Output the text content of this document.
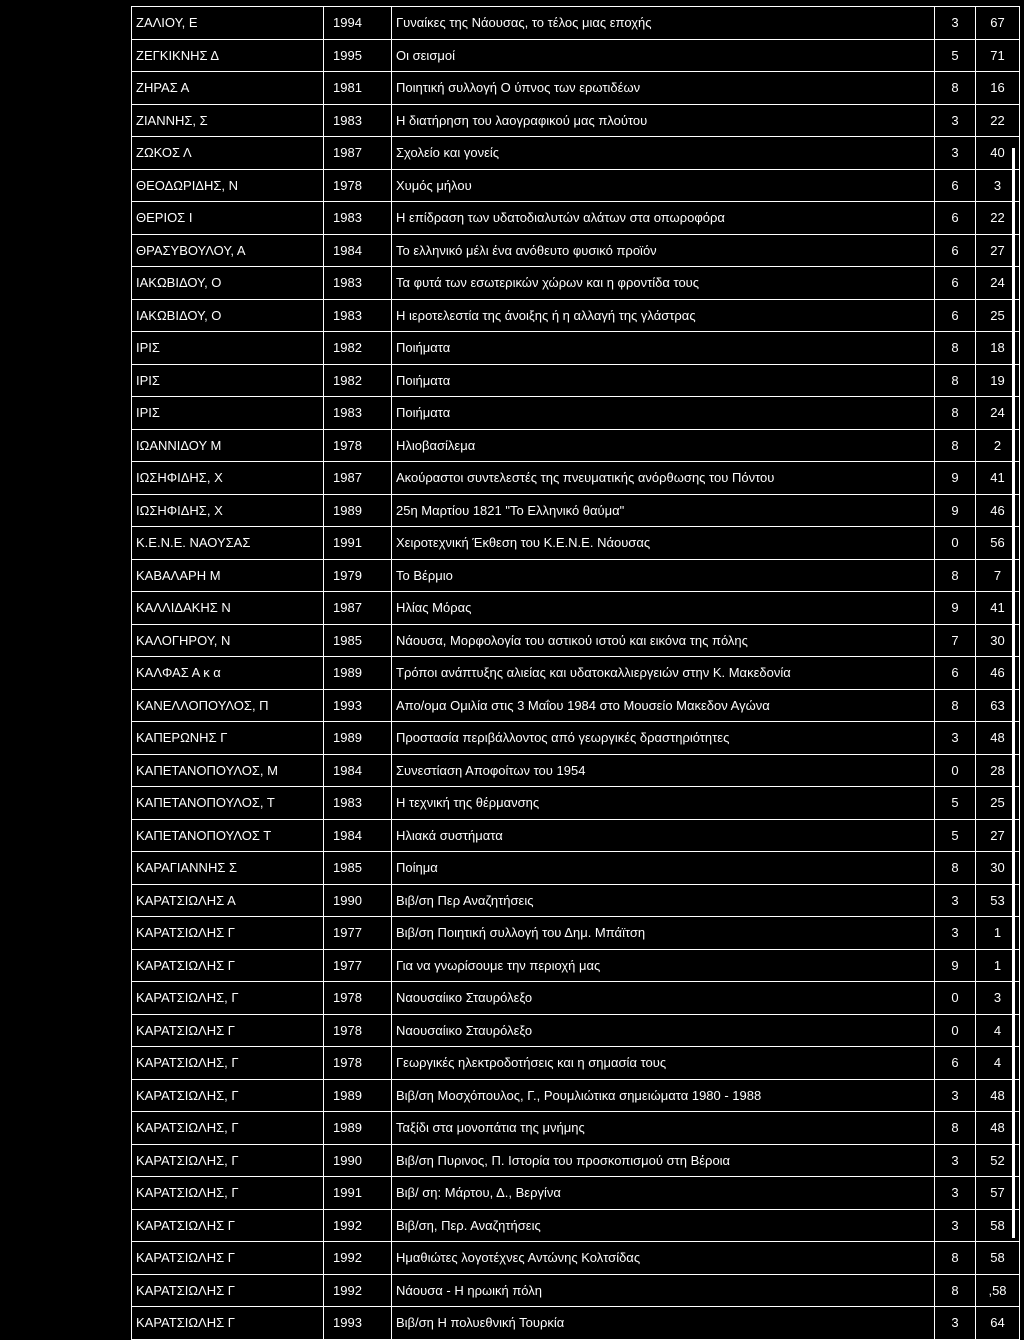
ΖΑΛΙΟΥ, Ε	1994	Γυναίκες της Νάουσας, το τέλος μιας εποχής	3	67
ΖΕΓΚΙΚΝΗΣ Δ	1995	Οι σεισμοί	5	71
ΖΗΡΑΣ Α	1981	Ποιητική συλλογή Ο ύπνος των ερωτιδέων	8	16
ΖΙΑΝΝΗΣ, Σ	1983	Η διατήρηση του λαογραφικού μας πλούτου	3	22
ΖΩΚΟΣ Λ	1987	Σχολείο και γονείς	3	40
ΘΕΟΔΩΡΙΔΗΣ, Ν	1978	Χυμός μήλου	6	3
ΘΕΡΙΟΣ Ι	1983	Η επίδραση των υδατοδιαλυτών αλάτων στα οπωροφόρα	6	22
ΘΡΑΣΥΒΟΥΛΟΥ, Α	1984	Το ελληνικό μέλι ένα ανόθευτο φυσικό προϊόν	6	27
ΙΑΚΩΒΙΔΟΥ, Ο	1983	Τα φυτά των εσωτερικών χώρων και η φροντίδα τους	6	24
ΙΑΚΩΒΙΔΟΥ, Ο	1983	Η ιεροτελεστία της άνοιξης ή η αλλαγή της γλάστρας	6	25
ΙΡΙΣ	1982	Ποιήματα	8	18
ΙΡΙΣ	1982	Ποιήματα	8	19
ΙΡΙΣ	1983	Ποιήματα	8	24
ΙΩΑΝΝΙΔΟΥ Μ	1978	Ηλιοβασίλεμα	8	2
ΙΩΣΗΦΙΔΗΣ, Χ	1987	Ακούραστοι συντελεστές της πνευματικής ανόρθωσης του Πόντου	9	41
ΙΩΣΗΦΙΔΗΣ, Χ	1989	25η Μαρτίου 1821 "Το Ελληνικό θαύμα"	9	46
Κ.Ε.Ν.Ε. ΝΑΟΥΣΑΣ	1991	Χειροτεχνική Έκθεση του Κ.Ε.Ν.Ε. Νάουσας	0	56
ΚΑΒΑΛΑΡΗ Μ	1979	Το Βέρμιο	8	7
ΚΑΛΛΙΔΑΚΗΣ Ν	1987	Ηλίας Μόρας	9	41
ΚΑΛΟΓΗΡΟΥ, Ν	1985	Νάουσα, Μορφολογία του αστικού ιστού και εικόνα της πόλης	7	30
ΚΑΛΦΑΣ Α κ α	1989	Τρόποι ανάπτυξης αλιείας και υδατοκαλλιεργειών στην Κ. Μακεδονία	6	46
ΚΑΝΕΛΛΟΠΟΥΛΟΣ, Π	1993	Απο/ομα Ομιλία στις 3 Μαΐου 1984 στο Μουσείο Μακεδον Αγώνα	8	63
ΚΑΠΕΡΩΝΗΣ Γ	1989	Προστασία περιβάλλοντος από γεωργικές δραστηριότητες	3	48
ΚΑΠΕΤΑΝΟΠΟΥΛΟΣ, Μ	1984	Συνεστίαση Αποφοίτων του 1954	0	28
ΚΑΠΕΤΑΝΟΠΟΥΛΟΣ, Τ	1983	Η τεχνική της θέρμανσης	5	25
ΚΑΠΕΤΑΝΟΠΟΥΛΟΣ Τ	1984	Ηλιακά συστήματα	5	27
ΚΑΡΑΓΙΑΝΝΗΣ Σ	1985	Ποίημα	8	30
ΚΑΡΑΤΣΙΩΛΗΣ Α	1990	Βιβ/ση Περ Αναζητήσεις	3	53
ΚΑΡΑΤΣΙΩΛΗΣ Γ	1977	Βιβ/ση Ποιητική συλλογή του Δημ. Μπάϊτση	3	1
ΚΑΡΑΤΣΙΩΛΗΣ Γ	1977	Για να γνωρίσουμε την περιοχή μας	9	1
ΚΑΡΑΤΣΙΩΛΗΣ, Γ	1978	Ναουσαίικο Σταυρόλεξο	0	3
ΚΑΡΑΤΣΙΩΛΗΣ Γ	1978	Ναουσαίικο Σταυρόλεξο	0	4
ΚΑΡΑΤΣΙΩΛΗΣ, Γ	1978	Γεωργικές ηλεκτροδοτήσεις και η σημασία τους	6	4
ΚΑΡΑΤΣΙΩΛΗΣ, Γ	1989	Βιβ/ση Μοσχόπουλος, Γ., Ρουμλιώτικα σημειώματα 1980 - 1988	3	48
ΚΑΡΑΤΣΙΩΛΗΣ, Γ	1989	Ταξίδι στα μονοπάτια της μνήμης	8	48
ΚΑΡΑΤΣΙΩΛΗΣ, Γ	1990	Βιβ/ση Πυρινος, Π. Ιστορία του προσκοπισμού στη Βέροια	3	52
ΚΑΡΑΤΣΙΩΛΗΣ, Γ	1991	Βιβ/ ση: Μάρτου, Δ., Βεργίνα	3	57
ΚΑΡΑΤΣΙΩΛΗΣ Γ	1992	Βιβ/ση, Περ. Αναζητήσεις	3	58
ΚΑΡΑΤΣΙΩΛΗΣ Γ	1992	Ημαθιώτες λογοτέχνες Αντώνης Κολτσίδας	8	58
ΚΑΡΑΤΣΙΩΛΗΣ Γ	1992	Νάουσα - Η ηρωική πόλη	8	,58
ΚΑΡΑΤΣΙΩΛΗΣ Γ	1993	Βιβ/ση Η πολυεθνική Τουρκία	3	64
